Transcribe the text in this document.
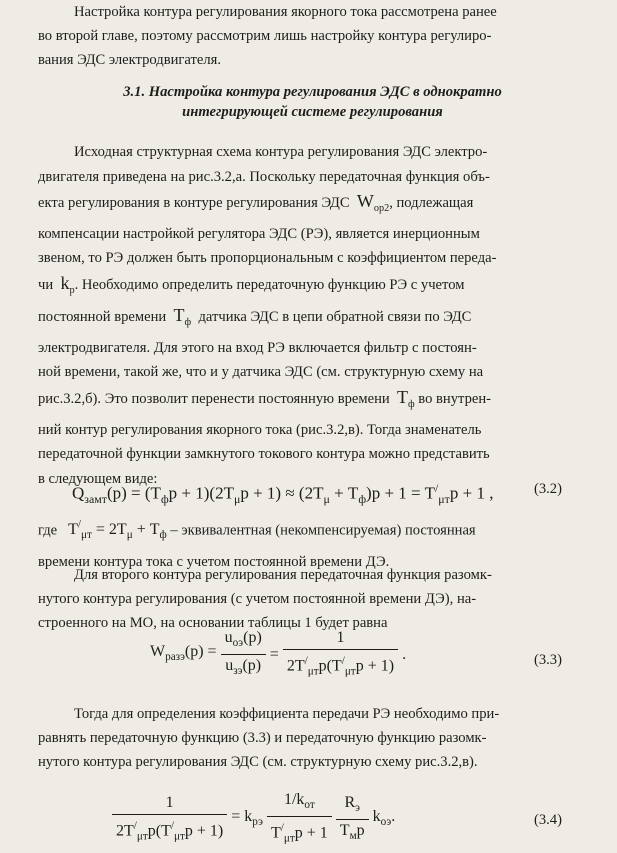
Настройка контура регулирования якорного тока рассмотрена ранее
во второй главе, поэтому рассмотрим лишь настройку контура регулиро-
вания ЭДС электродвигателя.

3.1. Настройка контура регулирования ЭДС в однократно
интегрирующей системе регулирования

Исходная структурная схема контура регулирования ЭДС электро-
двигателя приведена на рис.3.2,а. Поскольку передаточная функция объ-
екта регулирования в контуре регулирования ЭДС $W_{op2}$, подлежащая
компенсации настройкой регулятора ЭДС (РЭ), является инерционным
звеном, то РЭ должен быть пропорциональным с коэффициентом переда-
чи $k_р$. Необходимо определить передаточную функцию РЭ с учетом
постоянной времени $T_ф$ датчика ЭДС в цепи обратной связи по ЭДС
электродвигателя. Для этого на вход РЭ включается фильтр с постоян-
ной времени, такой же, что и у датчика ЭДС (см. структурную схему на
рис.3.2,б). Это позволит перенести постоянную времени $T_ф$ во внутрен-
ний контур регулирования якорного тока (рис.3.2,в). Тогда знаменатель
передаточной функции замкнутого токового контура можно представить
в следующем виде:

$Q_{замт}(p) = (T_фp + 1)(2T_\mu p + 1) \approx (2T_\mu + T_ф)p + 1 = T^/_{\mu т}p + 1$ ,	(3.2)

где $T^/_{\mu т} = 2T_\mu + T_ф$ – эквивалентная (некомпенсируемая) постоянная
времени контура тока с учетом постоянной времени ДЭ.

Для второго контура регулирования передаточная функция разомк-
нутого контура регулирования (с учетом постоянной времени ДЭ), на-
строенного на МО, на основании таблицы 1 будет равна

$W_{разэ}(p) = \frac{u_{оэ}(p)}{u_{зэ}(p)} = \frac{1}{2T^/_{\mu т}p(T^/_{\mu т}p + 1)}$ .	(3.3)

Тогда для определения коэффициента передачи РЭ необходимо при-
равнять передаточную функцию (3.3) и передаточную функцию разомк-
нутого контура регулирования ЭДС (см. структурную схему рис.3.2,в).

$\frac{1}{2T^/_{\mu т}p(T^/_{\mu т}p + 1)} = k_{рэ} \frac{1/k_{от}}{T^/_{\mu т}p + 1}$
$\frac{R_э}{T_мp} k_{оэ}$.	(3.4)
